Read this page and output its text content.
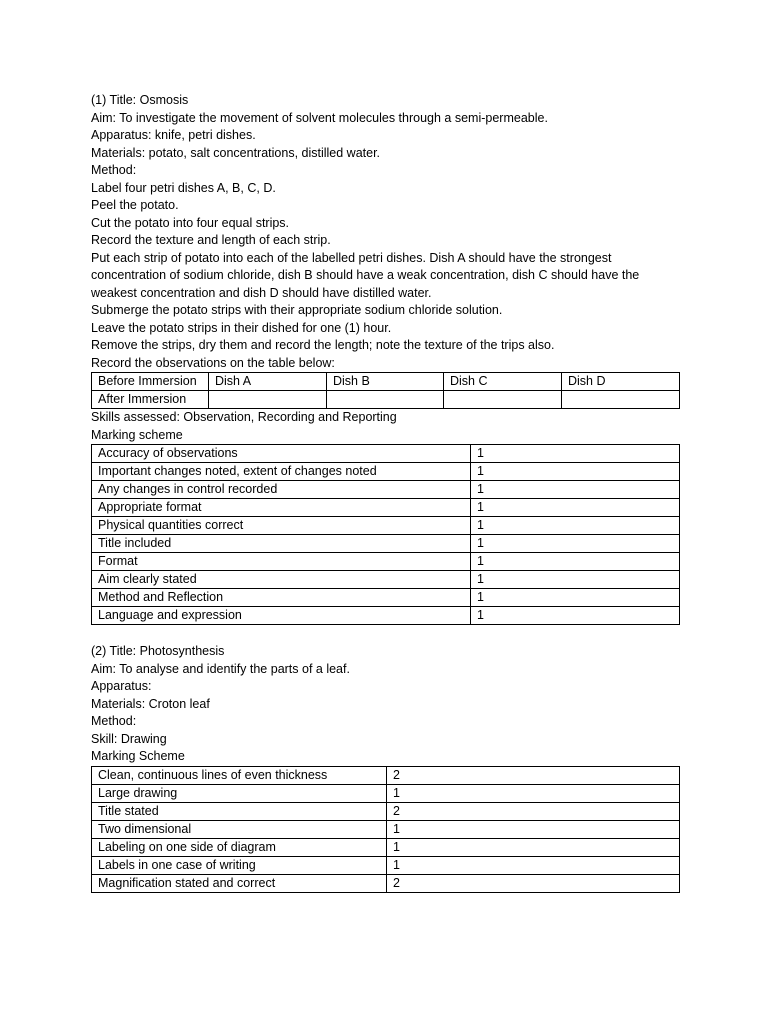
(1) Title: Osmosis
Aim: To investigate the movement of solvent molecules through a semi-permeable.
Apparatus: knife, petri dishes.
Materials: potato, salt concentrations, distilled water.
Method:
Label four petri dishes A, B, C, D.
Peel the potato.
Cut the potato into four equal strips.
Record the texture and length of each strip.
Put each strip of potato into each of the labelled petri dishes. Dish A should have the strongest concentration of sodium chloride, dish B should have a weak concentration, dish C should have the weakest concentration and dish D should have distilled water.
Submerge the potato strips with their appropriate sodium chloride solution.
Leave the potato strips in their dished for one (1) hour.
Remove the strips, dry them and record the length; note the texture of the trips also.
Record the observations on the table below:
Before Immersion	Dish A	Dish B	Dish C	Dish D
After Immersion				
Skills assessed: Observation, Recording and Reporting
Marking scheme
Accuracy of observations	1
Important changes noted, extent of changes noted	1
Any changes in control recorded	1
Appropriate format	1
Physical quantities correct	1
Title included	1
Format	1
Aim clearly stated	1
Method and Reflection	1
Language and expression	1
(2) Title: Photosynthesis
Aim: To analyse and identify the parts of a leaf.
Apparatus:
Materials: Croton leaf
Method:
Skill: Drawing
Marking Scheme
Clean, continuous lines of even thickness	2
Large drawing	1
Title stated	2
Two dimensional	1
Labeling on one side of diagram	1
Labels in one case of writing	1
Magnification stated and correct	2
